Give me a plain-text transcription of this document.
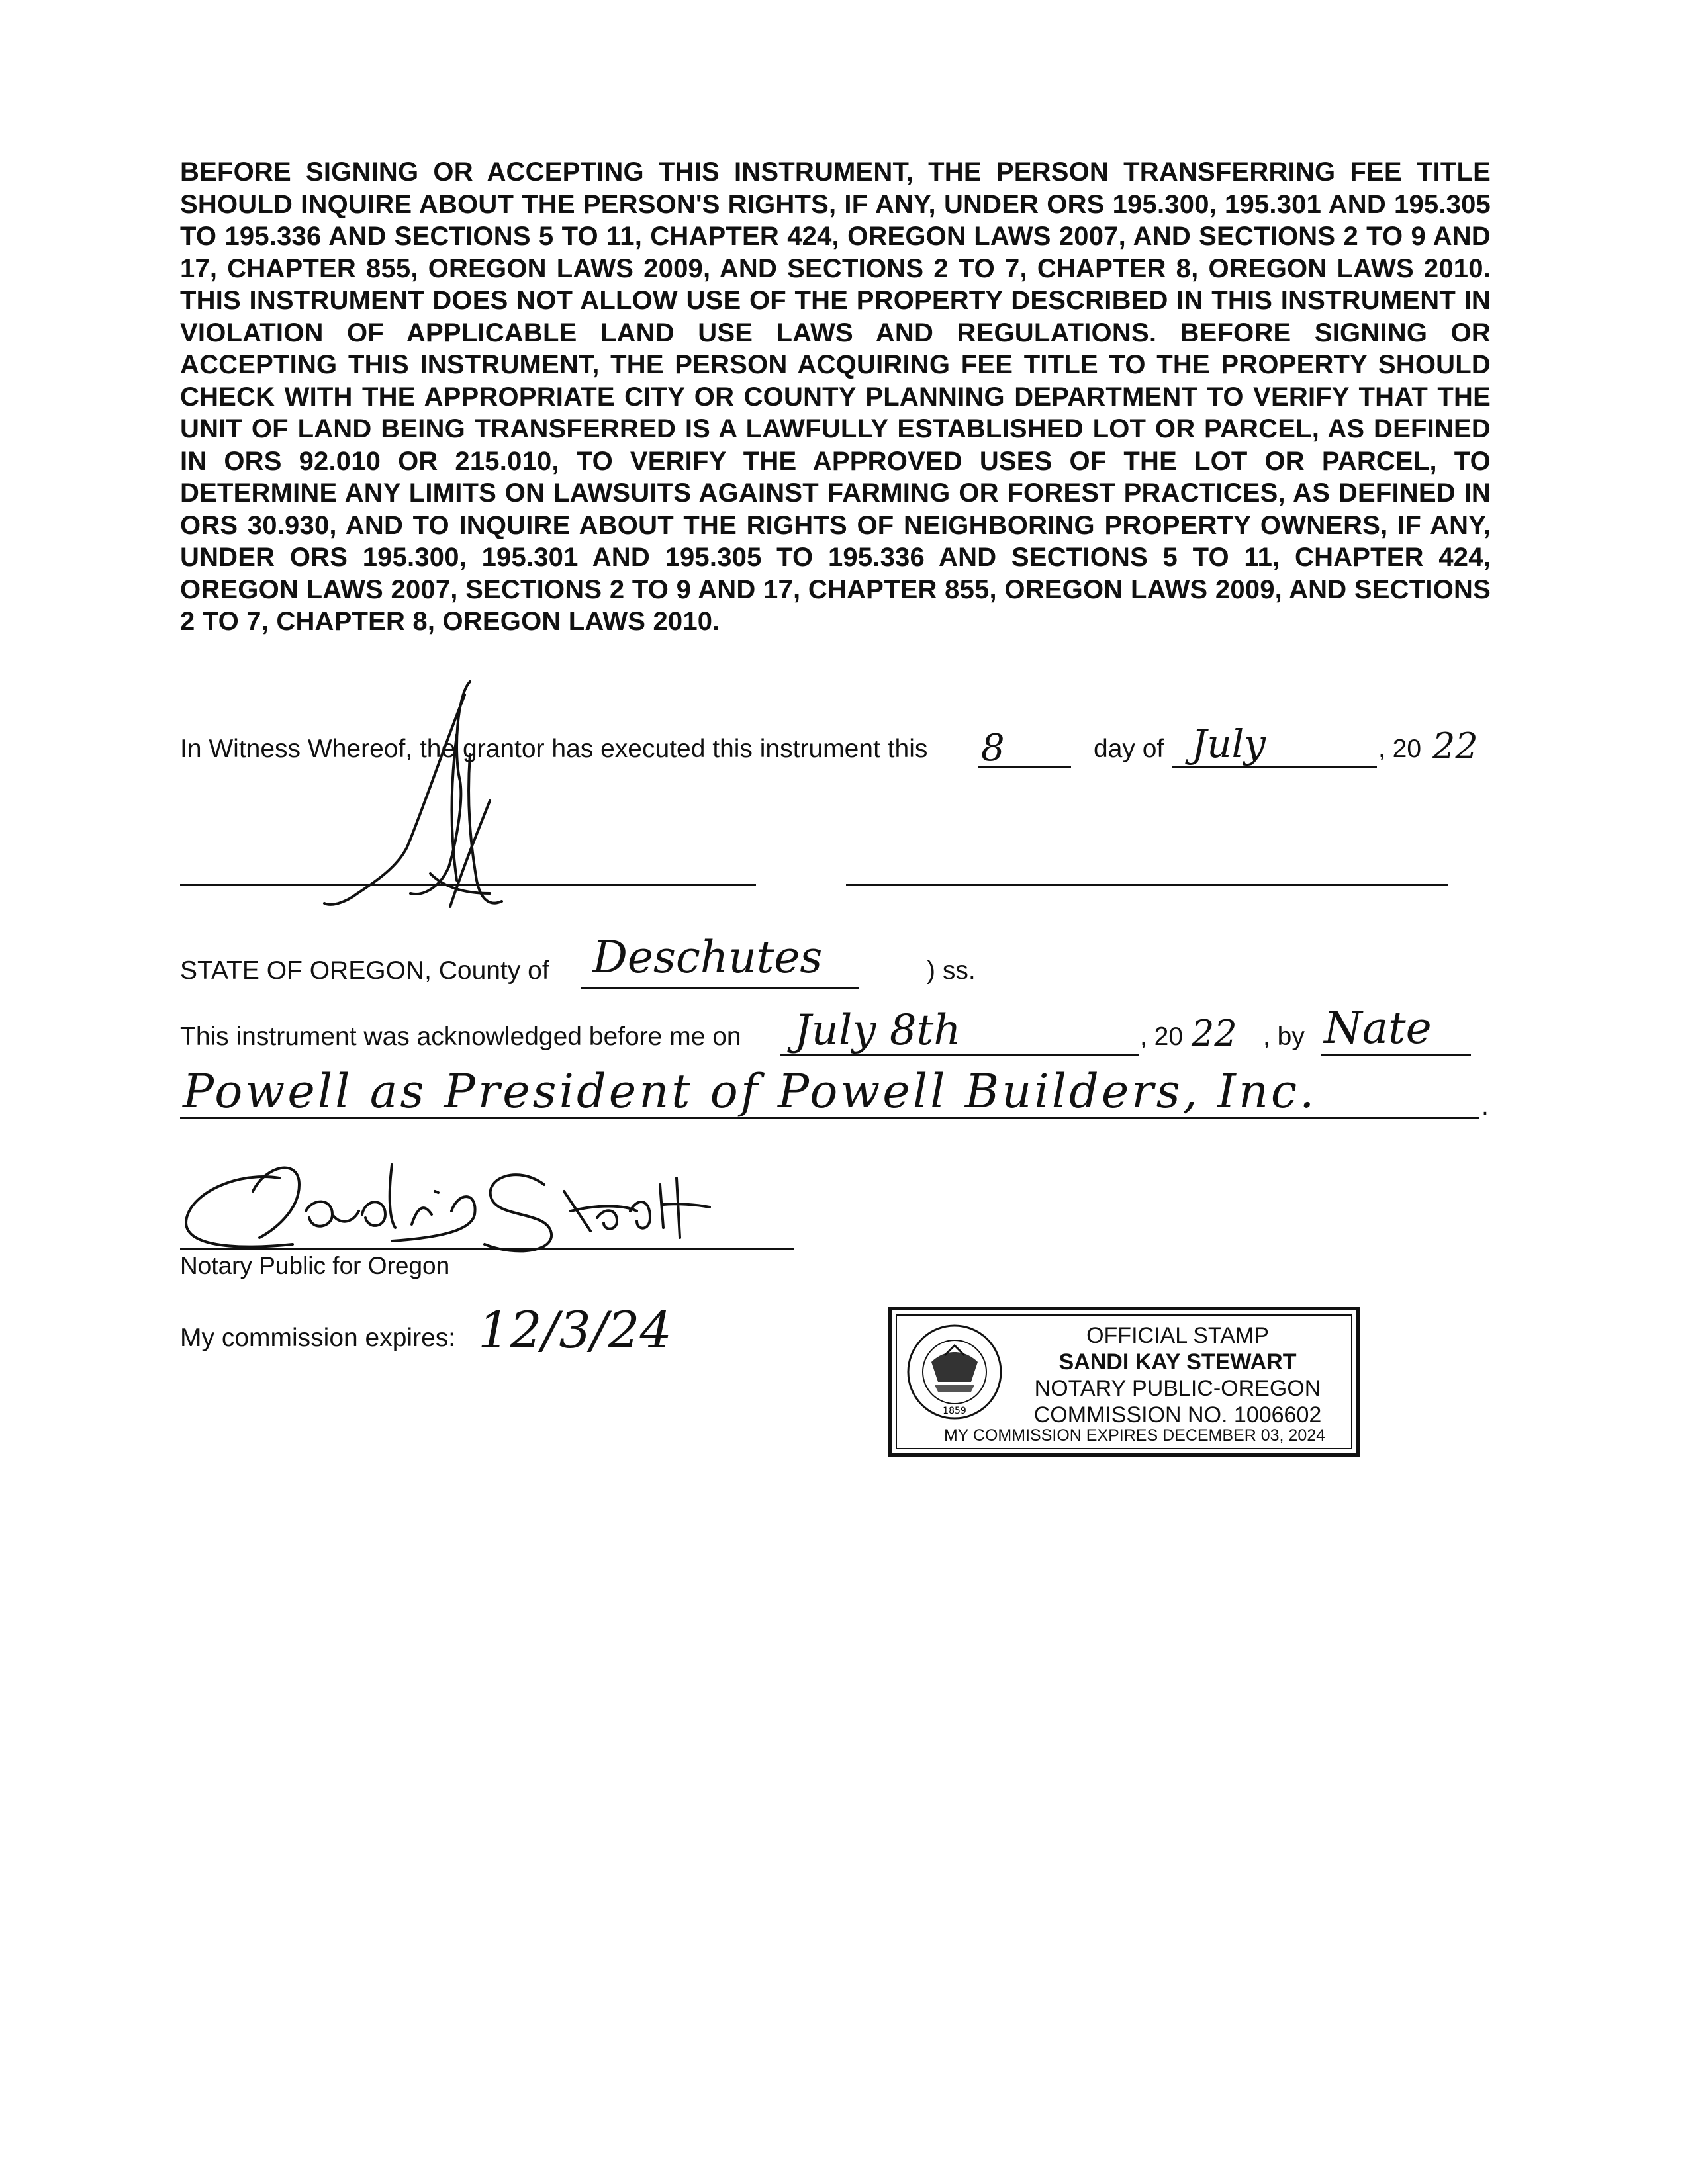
BEFORE SIGNING OR ACCEPTING THIS INSTRUMENT, THE PERSON TRANSFERRING FEE TITLE SHOULD INQUIRE ABOUT THE PERSON'S RIGHTS, IF ANY, UNDER ORS 195.300, 195.301 AND 195.305 TO 195.336 AND SECTIONS 5 TO 11, CHAPTER 424, OREGON LAWS 2007, AND SECTIONS 2 TO 9 AND 17, CHAPTER 855, OREGON LAWS 2009, AND SECTIONS 2 TO 7, CHAPTER 8, OREGON LAWS 2010. THIS INSTRUMENT DOES NOT ALLOW USE OF THE PROPERTY DESCRIBED IN THIS INSTRUMENT IN VIOLATION OF APPLICABLE LAND USE LAWS AND REGULATIONS. BEFORE SIGNING OR ACCEPTING THIS INSTRUMENT, THE PERSON ACQUIRING FEE TITLE TO THE PROPERTY SHOULD CHECK WITH THE APPROPRIATE CITY OR COUNTY PLANNING DEPARTMENT TO VERIFY THAT THE UNIT OF LAND BEING TRANSFERRED IS A LAWFULLY ESTABLISHED LOT OR PARCEL, AS DEFINED IN ORS 92.010 OR 215.010, TO VERIFY THE APPROVED USES OF THE LOT OR PARCEL, TO DETERMINE ANY LIMITS ON LAWSUITS AGAINST FARMING OR FOREST PRACTICES, AS DEFINED IN ORS 30.930, AND TO INQUIRE ABOUT THE RIGHTS OF NEIGHBORING PROPERTY OWNERS, IF ANY, UNDER ORS 195.300, 195.301 AND 195.305 TO 195.336 AND SECTIONS 5 TO 11, CHAPTER 424, OREGON LAWS 2007, SECTIONS 2 TO 9 AND 17, CHAPTER 855, OREGON LAWS 2009, AND SECTIONS 2 TO 7, CHAPTER 8, OREGON LAWS 2010.
In Witness Whereof, the grantor has executed this instrument this 8	day of July	, 20 22
STATE OF OREGON, County of Deschutes	) ss.
This instrument was acknowledged before me on July 8th	, 20 22 , by Nate
Powell as President of Powell Builders, Inc.	.
Notary Public for Oregon
My commission expires: 12/3/24
1859
OFFICIAL STAMP
SANDI KAY STEWART
NOTARY PUBLIC-OREGON
COMMISSION NO. 1006602
MY COMMISSION EXPIRES DECEMBER 03, 2024
